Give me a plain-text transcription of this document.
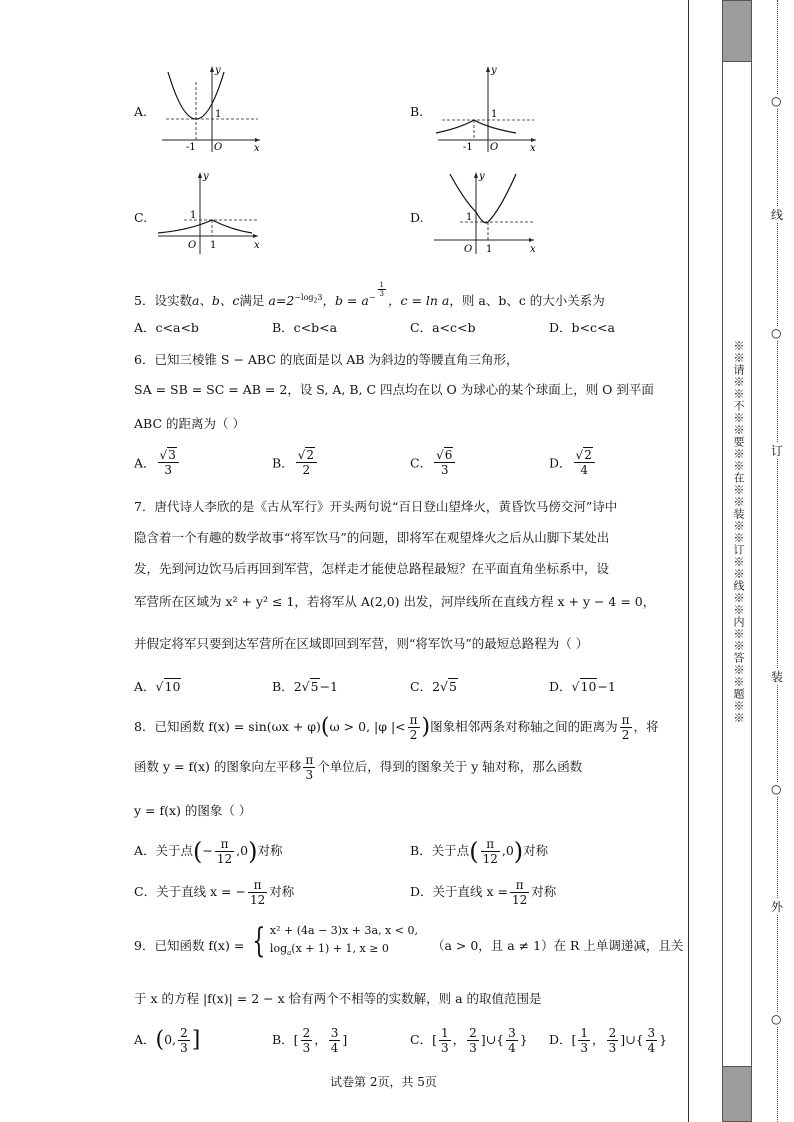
A.
y
x
O
-1
1	B.
y
x
O
-1
1
C.
y
x
O 1
1	D.
y
x
O 1
1
5．设实数a、b、c满足 $a=2^{-log_23}$，$b = a^{- \frac{1}{3}}$
，c = ln a，则 a、b、c 的大小关系为
A．c<a<b	B．c<b<a	C．a<c<b	D．b<c<a
6．已知三棱锥 S − ABC 的底面是以 AB 为斜边的等腰直角三角形，
SA = SB = SC = AB = 2，设 S, A, B, C 四点均在以 O 为球心的某个球面上，则 O 到平面
ABC 的距离为（ ）
A． $\frac{√3}{3}$	B． $\frac{√2}{2}$	C． $\frac{√6}{3}$	D． $\frac{√2}{4}$
7．唐代诗人李欣的是《古从军行》开头两句说“百日登山望烽火，黄昏饮马傍交河”诗中
隐含着一个有趣的数学故事“将军饮马”的问题，即将军在观望烽火之后从山脚下某处出
发，先到河边饮马后再回到军营，怎样走才能使总路程最短？在平面直角坐标系中，设
军营所在区域为 x² + y² ≤ 1，若将军从 A(2,0) 出发，河岸线所在直线方程 x + y − 4 = 0，
并假定将军只要到达军营所在区域即回到军营，则“将军饮马”的最短总路程为（ ）
A．√10	B．2√5−1	C．2√5	D．√10−1
8．已知函数 f(x) = sin(ωx + φ)(ω > 0, |φ |< $\frac{\pi}{2}$ )图象相邻两条对称轴之间的距离为 $\frac{\pi}{2}$ ，将
函数 y = f(x) 的图象向左平移 $\frac{\pi}{3}$ 个单位后，得到的图象关于 y 轴对称，那么函数
y = f(x) 的图象（ ）
A．关于点(− $\frac{\pi}{12} ,0$)对称	B．关于点( $\frac{\pi}{12} ,0$)对称
C．关于直线 x = − $\frac{\pi}{12}$ 对称	D．关于直线 $x = \frac{\pi}{12}$ 对称
9．已知函数 f(x) = { x² + (4a − 3)x + 3a, x < 0,
$\log_a(x + 1) + 1$, x ≥ 0	（a > 0，且 a ≠ 1）在 R 上单调递减，且关
于 x 的方程 |f(x)| = 2 − x 恰有两个不相等的实数解，则 a 的取值范围是
A．(0, $\frac{2}{3}$ ]	B．[ $\frac{2}{3}$ ， $\frac{3}{4}$ ]	C．[ $\frac{1}{3}$ ， $\frac{2}{3}$ ]∪{ $\frac{3}{4}$ } D．[ $\frac{1}{3}$ ， $\frac{2}{3}$ ]∪{ $\frac{3}{4}$ }
试卷第 2页，共 5页
※※请※※不※※要※※在※※装※※订※※线※※内※※答※※题※※
线
订
装
外
○
○
○
○
